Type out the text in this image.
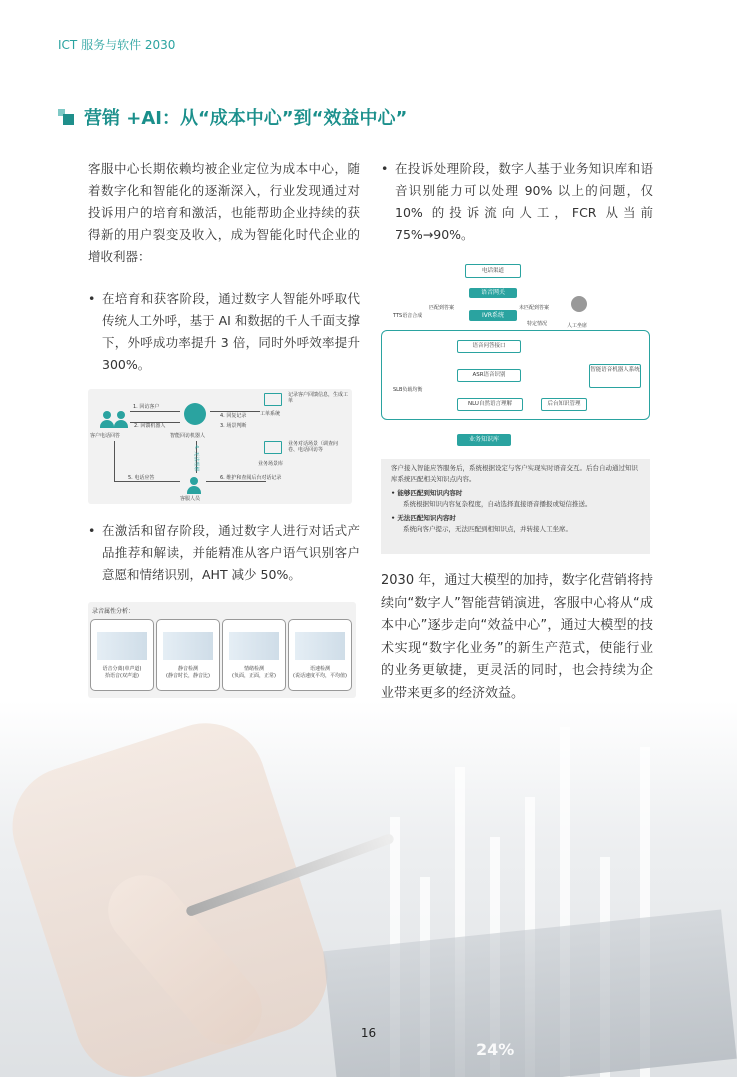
24%
ICT 服务与软件 2030
营销 +AI：从“成本中心”到“效益中心”

客服中心长期依赖均被企业定位为成本中心，随着数字化和智能化的逐渐深入，行业发现通过对投诉用户的培育和激活，也能帮助企业持续的获得新的用户裂变及收入，成为智能化时代企业的增收利器：

• 在培育和获客阶段，通过数字人智能外呼取代传统人工外呼，基于 AI 和数据的千人千面支撑下，外呼成功率提升 3 倍，同时外呼效率提升 300%。
客户电话回答	智能回访机器人
客服人员
工单系统
记录客户回馈信息，生成工单
业务场景库
业务对话场景（调查问卷、电话回访等
1. 回访客户
2. 回馈机器人
4. 回复记录
3. 场景判断
4. 无法理解
5. 电话应答	6. 维护和查阅后台对话记录
• 在激活和留存阶段，通过数字人进行对话式产品推荐和解读，并能精准从客户语气识别客户意愿和情绪识别，AHT 减少 50%。
录音属性分析：
语音分离(单声道)
拾语音(双声道)
静音检测
(静音时长，静音比)
情绪检测
(负面，正面，正常)
语速检测
(说话速度平均，平均值)
• 在投诉处理阶段，数字人基于业务知识库和语音识别能力可以处理 90% 以上的问题，仅 10% 的投诉流向人工，FCR 从当前 75%→90%。
电话渠道
语音网关
TTS语音合成
匹配到答案
IVR系统
未匹配到答案
特定情况	人工坐席
语音问答接口
SLB负载均衡
ASR语音识别
NLU自然语言理解
智能语音机器人系统
后台知识管理
业务知识库
客户接入智能应答服务后，系统根据设定与客户实现实时语音交互。后台自动通过知识库系统匹配相关知识点内容。
• 能够匹配到知识内容时
系统根据知识内容复杂程度，自动选择直接语音播报或短信推送。
• 无法匹配知识内容时
系统向客户提示，无法匹配到相知识点，并转接人工坐席。
2030 年，通过大模型的加持，数字化营销将持续向“数字人”智能营销演进，客服中心将从“成本中心”逐步走向“效益中心”，通过大模型的技术实现“数字化业务”的新生产范式，使能行业的业务更敏捷，更灵活的同时，也会持续为企业带来更多的经济效益。
16
